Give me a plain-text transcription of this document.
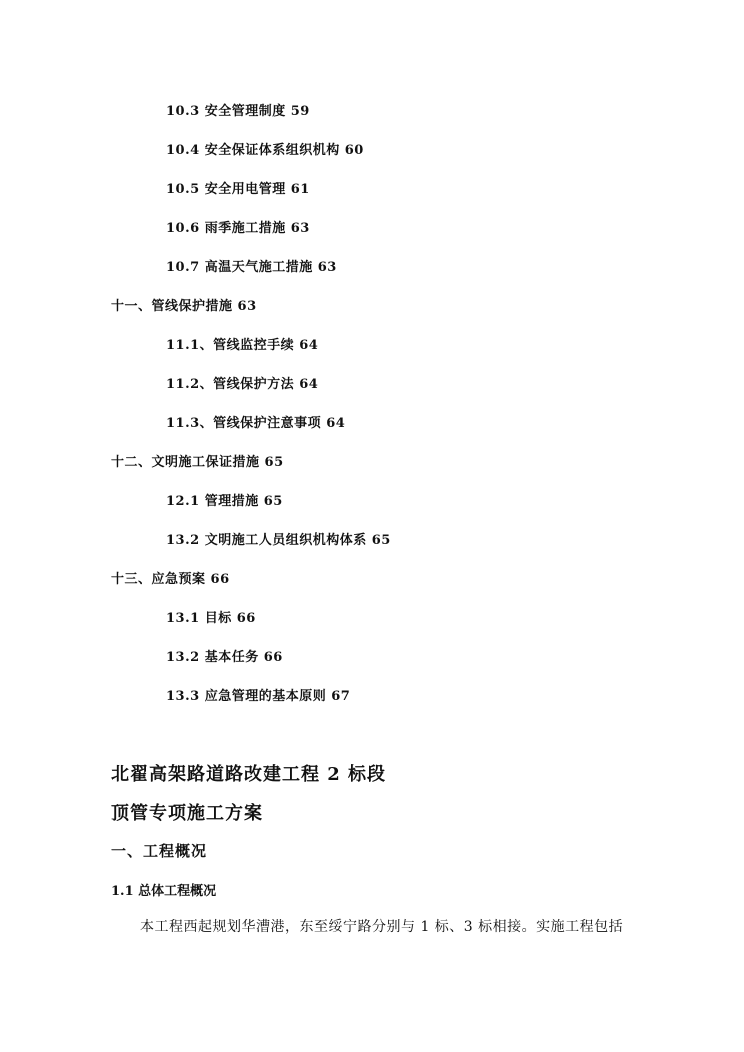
10.3 安全管理制度 59
10.4 安全保证体系组织机构 60
10.5 安全用电管理 61
10.6 雨季施工措施 63
10.7 高温天气施工措施 63
十一、管线保护措施 63
11.1、管线监控手续 64
11.2、管线保护方法 64
11.3、管线保护注意事项 64
十二、文明施工保证措施 65
12.1 管理措施 65
13.2 文明施工人员组织机构体系 65
十三、应急预案 66
13.1 目标 66
13.2 基本任务 66
13.3 应急管理的基本原则 67
北翟高架路道路改建工程 2 标段
顶管专项施工方案
一、工程概况
1.1 总体工程概况
本工程西起规划华漕港，东至绥宁路分别与 1 标、3 标相接。实施工程包括
